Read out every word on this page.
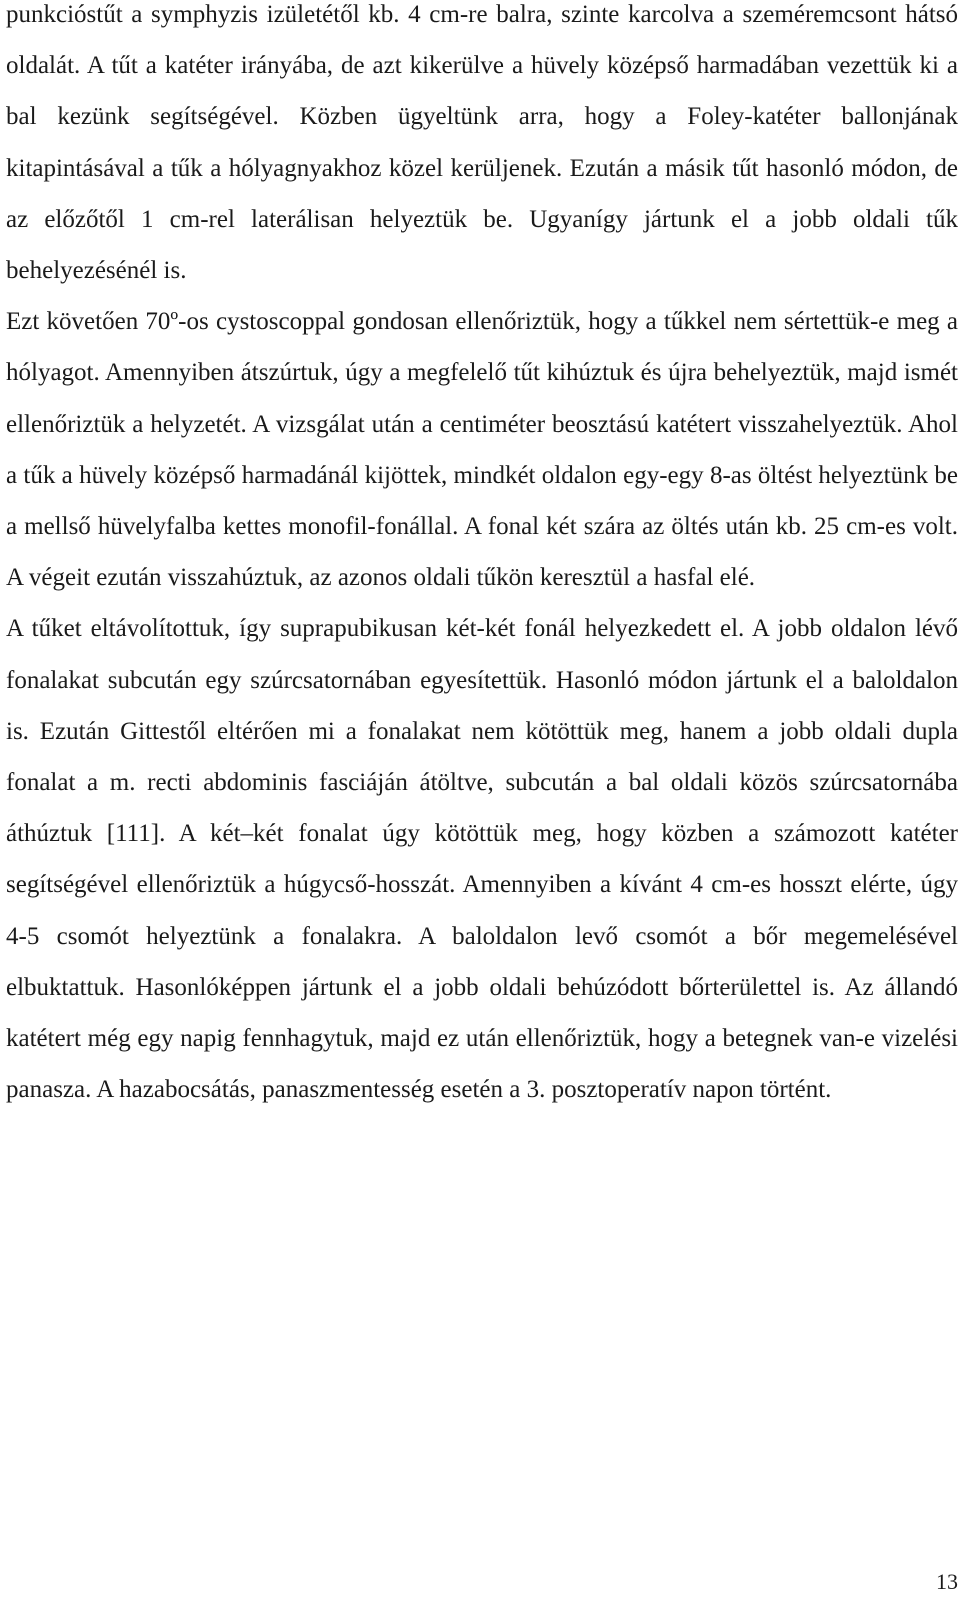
punkcióstűt a symphyzis izületétől kb. 4 cm-re balra, szinte karcolva a szeméremcsont hátsó oldalát. A tűt a katéter irányába, de azt kikerülve a hüvely középső harmadában vezettük ki a bal kezünk segítségével. Közben ügyeltünk arra, hogy a Foley-katéter ballonjának kitapintásával a tűk a hólyagnyakhoz közel kerüljenek. Ezután a másik tűt hasonló módon, de az előzőtől 1 cm-rel laterálisan helyeztük be. Ugyanígy jártunk el a jobb oldali tűk behelyezésénél is.

Ezt követően 70º-os cystoscoppal gondosan ellenőriztük, hogy a tűkkel nem sértettük-e meg a hólyagot. Amennyiben átszúrtuk, úgy a megfelelő tűt kihúztuk és újra behelyeztük, majd ismét ellenőriztük a helyzetét. A vizsgálat után a centiméter beosztású katétert visszahelyeztük. Ahol a tűk a hüvely középső harmadánál kijöttek, mindkét oldalon egy-egy 8-as öltést helyeztünk be a mellső hüvelyfalba kettes monofil-fonállal. A fonal két szára az öltés után kb. 25 cm-es volt. A végeit ezután visszahúztuk, az azonos oldali tűkön keresztül a hasfal elé.

A tűket eltávolítottuk, így suprapubikusan két-két fonál helyezkedett el. A jobb oldalon lévő fonalakat subcután egy szúrcsatornában egyesítettük. Hasonló módon jártunk el a baloldalon is. Ezután Gittestől eltérően mi a fonalakat nem kötöttük meg, hanem a jobb oldali dupla fonalat a m. recti abdominis fasciáján átöltve, subcután a bal oldali közös szúrcsatornába áthúztuk [111]. A két–két fonalat úgy kötöttük meg, hogy közben a számozott katéter segítségével ellenőriztük a húgycső-hosszát. Amennyiben a kívánt 4 cm-es hosszt elérte, úgy 4-5 csomót helyeztünk a fonalakra. A baloldalon levő csomót a bőr megemelésével elbuktattuk. Hasonlóképpen jártunk el a jobb oldali behúzódott bőrterülettel is. Az állandó katétert még egy napig fennhagytuk, majd ez után ellenőriztük, hogy a betegnek van-e vizelési panasza. A hazabocsátás, panaszmentesség esetén a 3. posztoperatív napon történt.

13
